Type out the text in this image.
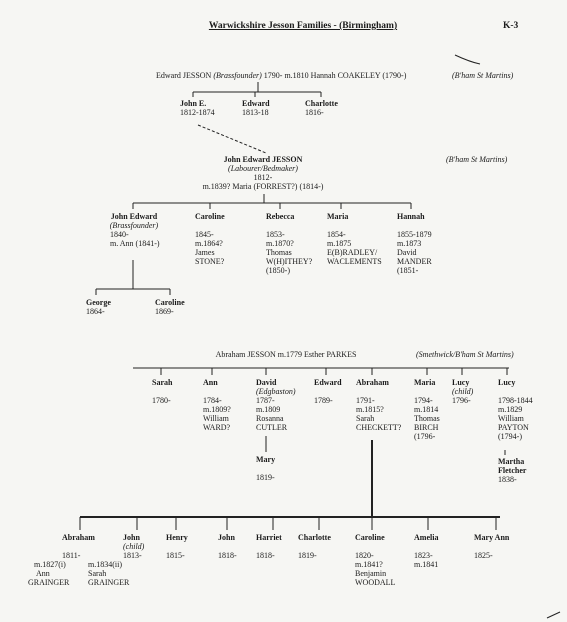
Warwickshire Jesson Families - (Birmingham)	K-3
Edward JESSON (Brassfounder) 1790- m.1810 Hannah COAKELEY (1790-)	(B'ham St Martins)
John E.
1812-1874
Edward
1813-18
Charlotte
1816-
John Edward JESSON
(Labourer/Bedmaker)
1812-
m.1839? Maria (FORREST?) (1814-)
(B'ham St Martins)
John Edward
(Brassfounder)
1840-
m. Ann (1841-)
Caroline
1845-
m.1864?
James
STONE?
Rebecca
1853-
m.1870?
Thomas
W(H)ITHEY?
(1850-)
Maria
1854-
m.1875
E(B)RADLEY/
WACLEMENTS
Hannah
1855-1879
m.1873
David
MANDER
(1851-
George
1864-
Caroline
1869-
Abraham JESSON m.1779 Esther PARKES	(Smethwick/B'ham St Martins)
Sarah
1780-
Ann
1784-
m.1809?
William
WARD?
David
(Edgbaston)
1787-
m.1809
Rosanna
CUTLER
Edward
1789-
Abraham
1791-
m.1815?
Sarah
CHECKETT?
Maria
1794-
m.1814
Thomas
BIRCH
(1796-
Lucy
(child)
1796-
Lucy
1798-1844
m.1829
William
PAYTON
(1794-)
Mary
1819-
Martha
Fletcher
1838-
Abraham
1811-
John
(child)
1813-
Henry
1815-
John
1818-
Harriet
1818-
Charlotte
1819-
Caroline
1820-
m.1841?
Benjamin
WOODALL
Amelia
1823-
m.1841
Mary Ann
1825-
m.1827(i)
Ann
GRAINGER
m.1834(ii)
Sarah
GRAINGER
